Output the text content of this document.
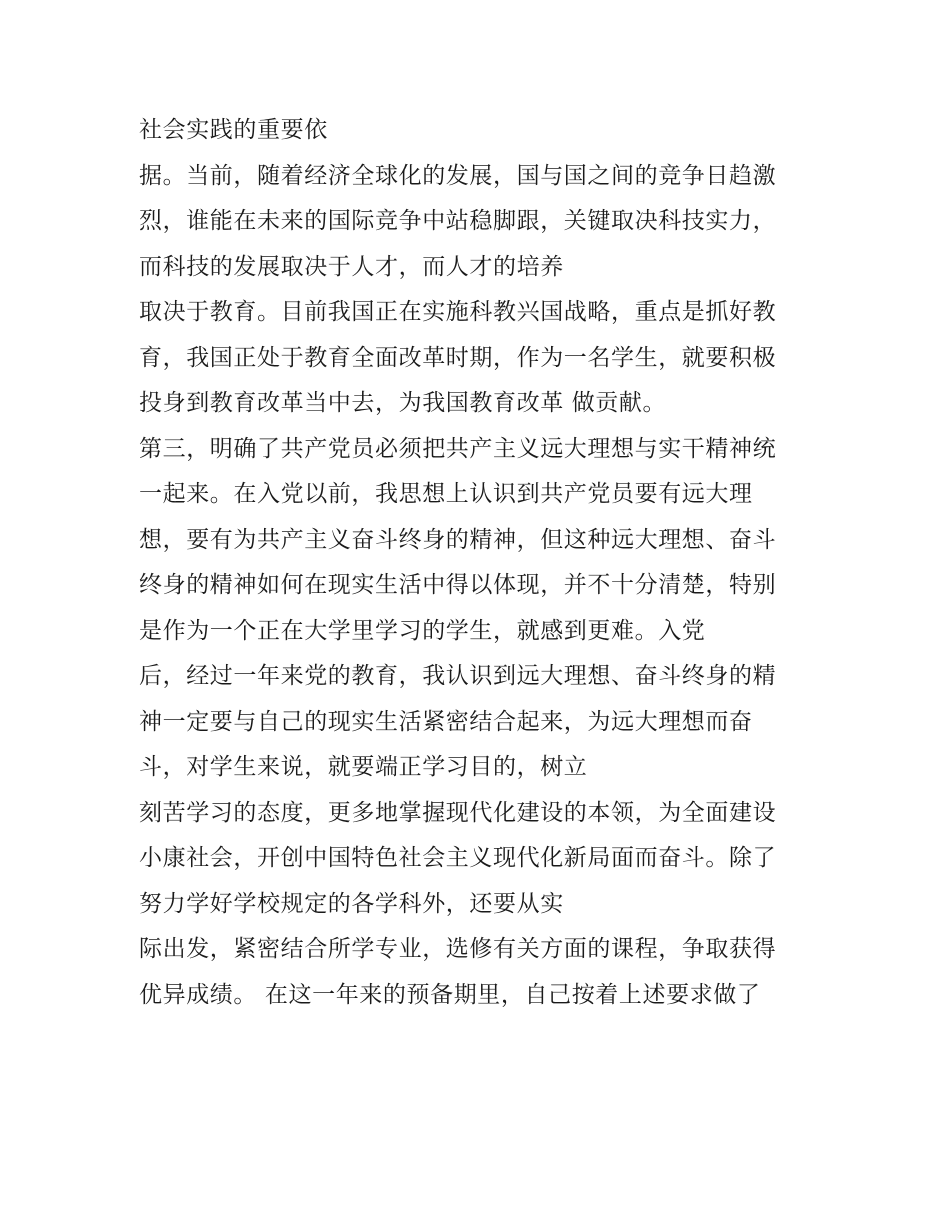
社会实践的重要依
据。当前，随着经济全球化的发展，国与国之间的竞争日趋激
烈，谁能在未来的国际竞争中站稳脚跟，关键取决科技实力，
而科技的发展取决于人才，而人才的培养
取决于教育。目前我国正在实施科教兴国战略，重点是抓好教
育，我国正处于教育全面改革时期，作为一名学生，就要积极
投身到教育改革当中去，为我国教育改革 做贡献。
第三，明确了共产党员必须把共产主义远大理想与实干精神统
一起来。在入党以前，我思想上认识到共产党员要有远大理
想，要有为共产主义奋斗终身的精神，但这种远大理想、奋斗
终身的精神如何在现实生活中得以体现，并不十分清楚，特别
是作为一个正在大学里学习的学生，就感到更难。入党
后，经过一年来党的教育，我认识到远大理想、奋斗终身的精
神一定要与自己的现实生活紧密结合起来，为远大理想而奋
斗，对学生来说，就要端正学习目的，树立
刻苦学习的态度，更多地掌握现代化建设的本领，为全面建设
小康社会，开创中国特色社会主义现代化新局面而奋斗。除了
努力学好学校规定的各学科外，还要从实
际出发，紧密结合所学专业，选修有关方面的课程，争取获得
优异成绩。 在这一年来的预备期里，自己按着上述要求做了
